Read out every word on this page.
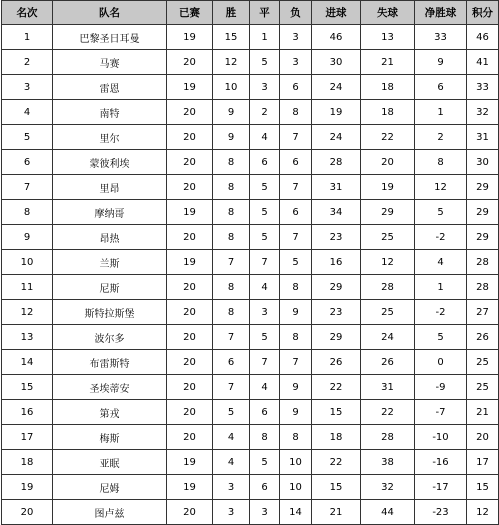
名次	队名	已赛	胜	平	负	进球	失球	净胜球	积分
1	巴黎圣日耳曼	19	15	1	3	46	13	33	46
2	马赛	20	12	5	3	30	21	9	41
3	雷恩	19	10	3	6	24	18	6	33
4	南特	20	9	2	8	19	18	1	32
5	里尔	20	9	4	7	24	22	2	31
6	蒙彼利埃	20	8	6	6	28	20	8	30
7	里昂	20	8	5	7	31	19	12	29
8	摩纳哥	19	8	5	6	34	29	5	29
9	昂热	20	8	5	7	23	25	-2	29
10	兰斯	19	7	7	5	16	12	4	28
11	尼斯	20	8	4	8	29	28	1	28
12	斯特拉斯堡	20	8	3	9	23	25	-2	27
13	波尔多	20	7	5	8	29	24	5	26
14	布雷斯特	20	6	7	7	26	26	0	25
15	圣埃蒂安	20	7	4	9	22	31	-9	25
16	第戎	20	5	6	9	15	22	-7	21
17	梅斯	20	4	8	8	18	28	-10	20
18	亚眠	19	4	5	10	22	38	-16	17
19	尼姆	19	3	6	10	15	32	-17	15
20	图卢兹	20	3	3	14	21	44	-23	12
